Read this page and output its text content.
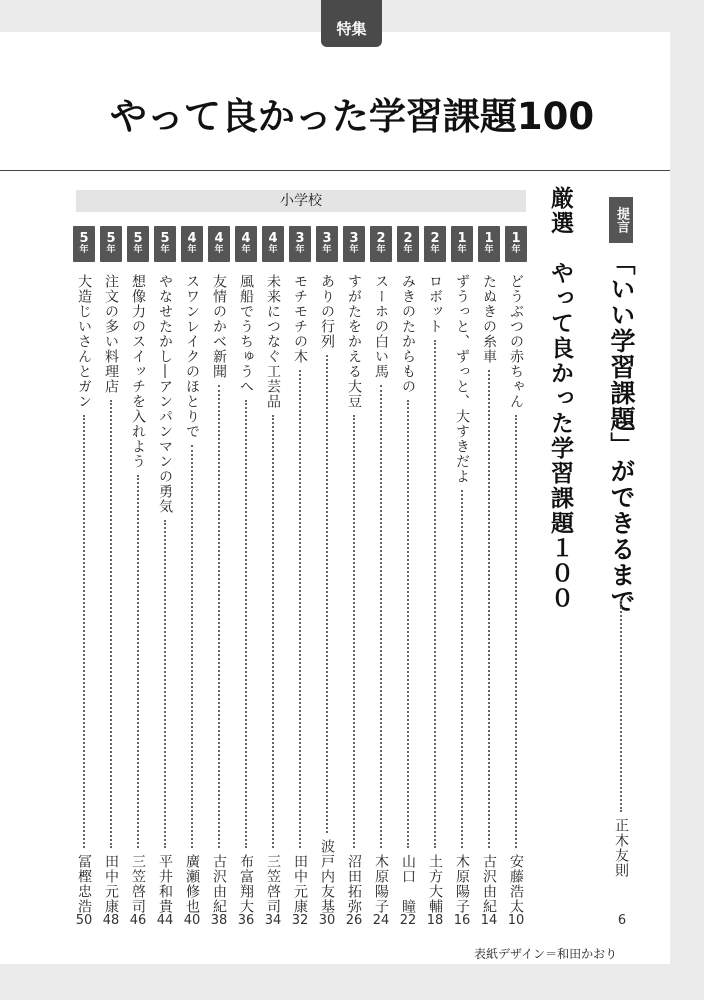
特集
やって良かった学習課題100
小学校
1
年
どうぶつの赤ちゃん
安藤浩太
10
1
年
たぬきの糸車
古沢由紀
14
1
年
ずうっと、ずっと、大すきだよ
木原陽子
16
2
年
ロボット
土方大輔
18
2
年
みきのたからもの
山口　瞳
22
2
年
スーホの白い馬
木原陽子
24
3
年
すがたをかえる大豆
沼田拓弥
26
3
年
ありの行列
波戸内友基
30
3
年
モチモチの木
田中元康
32
4
年
未来につなぐ工芸品
三笠啓司
34
4
年
風船でうちゅうへ
布富翔大
36
4
年
友情のかべ新聞
古沢由紀
38
4
年
スワンレイクのほとりで
廣瀬修也
40
5
年
やなせたかし―アンパンマンの勇気
平井和貴
44
5
年
想像力のスイッチを入れよう
三笠啓司
46
5
年
注文の多い料理店
田中元康
48
5
年
大造じいさんとガン
冨樫忠浩
50
厳選　やって良かった学習課題１００	提言
「いい学習課題」ができるまで
正木友則
6
表紙デザイン＝和田かおり
